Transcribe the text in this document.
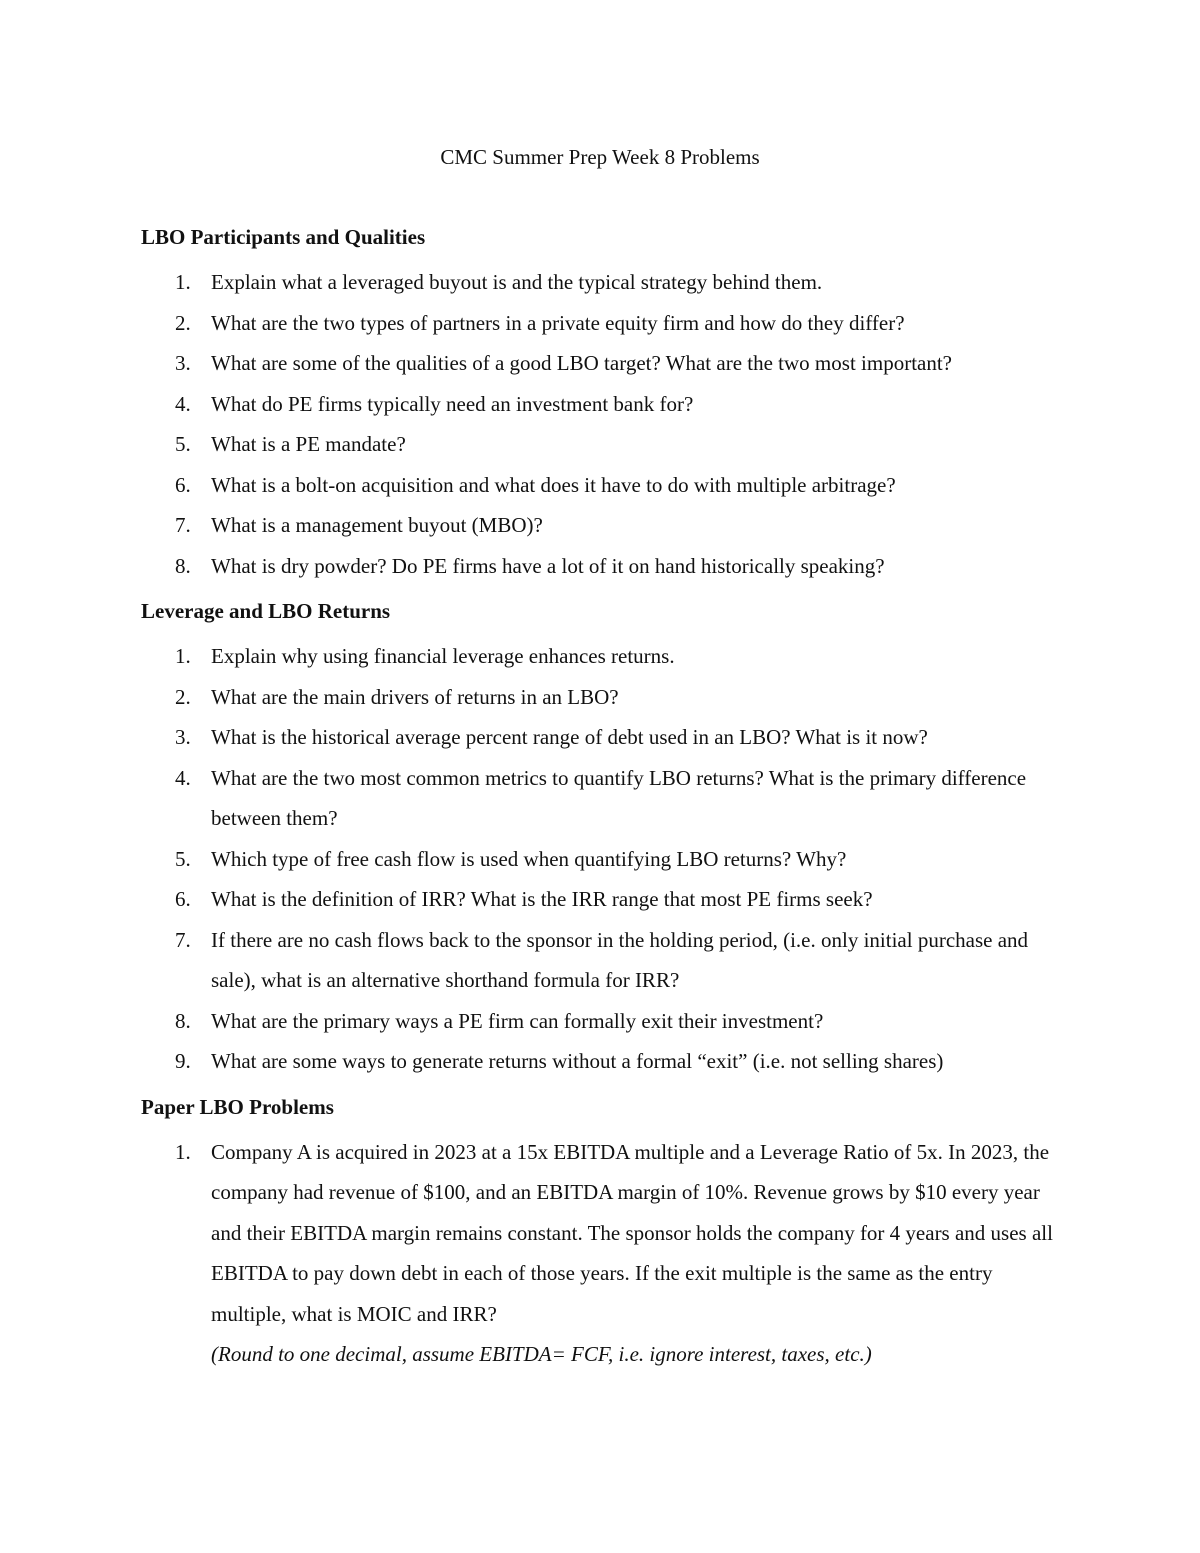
CMC Summer Prep Week 8 Problems
LBO Participants and Qualities
1. Explain what a leveraged buyout is and the typical strategy behind them.
2. What are the two types of partners in a private equity firm and how do they differ?
3. What are some of the qualities of a good LBO target? What are the two most important?
4. What do PE firms typically need an investment bank for?
5. What is a PE mandate?
6. What is a bolt-on acquisition and what does it have to do with multiple arbitrage?
7. What is a management buyout (MBO)?
8. What is dry powder? Do PE firms have a lot of it on hand historically speaking?
Leverage and LBO Returns
1. Explain why using financial leverage enhances returns.
2. What are the main drivers of returns in an LBO?
3. What is the historical average percent range of debt used in an LBO? What is it now?
4. What are the two most common metrics to quantify LBO returns? What is the primary difference between them?
5. Which type of free cash flow is used when quantifying LBO returns? Why?
6. What is the definition of IRR? What is the IRR range that most PE firms seek?
7. If there are no cash flows back to the sponsor in the holding period, (i.e. only initial purchase and sale), what is an alternative shorthand formula for IRR?
8. What are the primary ways a PE firm can formally exit their investment?
9. What are some ways to generate returns without a formal “exit” (i.e. not selling shares)
Paper LBO Problems
1. Company A is acquired in 2023 at a 15x EBITDA multiple and a Leverage Ratio of 5x. In 2023, the company had revenue of $100, and an EBITDA margin of 10%. Revenue grows by $10 every year and their EBITDA margin remains constant. The sponsor holds the company for 4 years and uses all EBITDA to pay down debt in each of those years. If the exit multiple is the same as the entry multiple, what is MOIC and IRR?
(Round to one decimal, assume EBITDA= FCF, i.e. ignore interest, taxes, etc.)
